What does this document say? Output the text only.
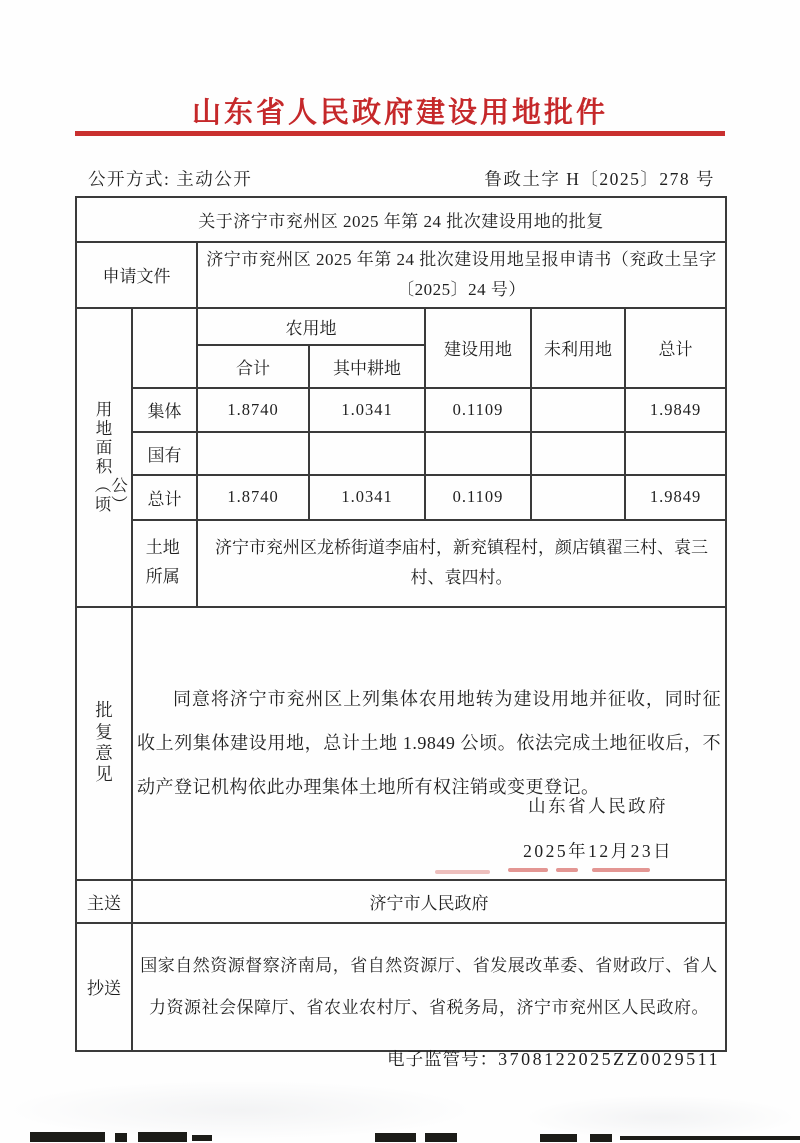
山东省人民政府建设用地批件
公开方式: 主动公开	鲁政土字 H〔2025〕278 号
关于济宁市兖州区 2025 年第 24 批次建设用地的批复						
申请文件		济宁市兖州区 2025 年第 24 批次建设用地呈报申请书（兖政土呈字〔2025〕24 号）				
用地面积︵公顷︶		农用地		建设用地	未利用地	总计
		合计	其中耕地			
	集体	1.8740	1.0341	0.1109		1.9849
	国有					
	总计	1.8740	1.0341	0.1109		1.9849
	土地所属	济宁市兖州区龙桥街道李庙村，新兖镇程村，颜店镇翟三村、袁三村、袁四村。				
批复意见	同意将济宁市兖州区上列集体农用地转为建设用地并征收，同时征收上列集体建设用地，总计土地 1.9849 公顷。依法完成土地征收后，不动产登记机构依此办理集体土地所有权注销或变更登记。
山东省人民政府
2025年12月23日					

主送	济宁市人民政府					
抄送	国家自然资源督察济南局，省自然资源厅、省发展改革委、省财政厅、省人力资源社会保障厅、省农业农村厅、省税务局，济宁市兖州区人民政府。					
电子监管号：3708122025ZZ0029511
